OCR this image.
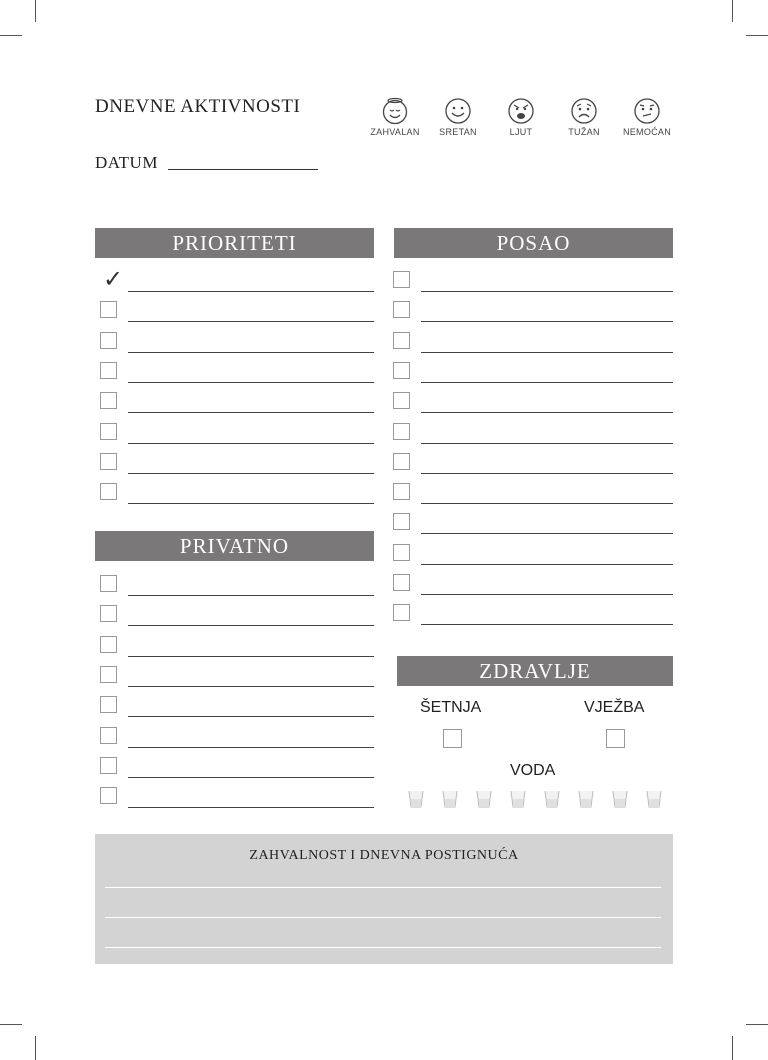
DNEVNE AKTIVNOSTI
DATUM
ZAHVALAN	SRETAN	LJUT	TUŽAN	NEMOĆAN
PRIORITETI	POSAO
PRIVATNO
ZDRAVLJE
✓
ŠETNJA	VJEŽBA
VODA
ZAHVALNOST I DNEVNA POSTIGNUĆA
